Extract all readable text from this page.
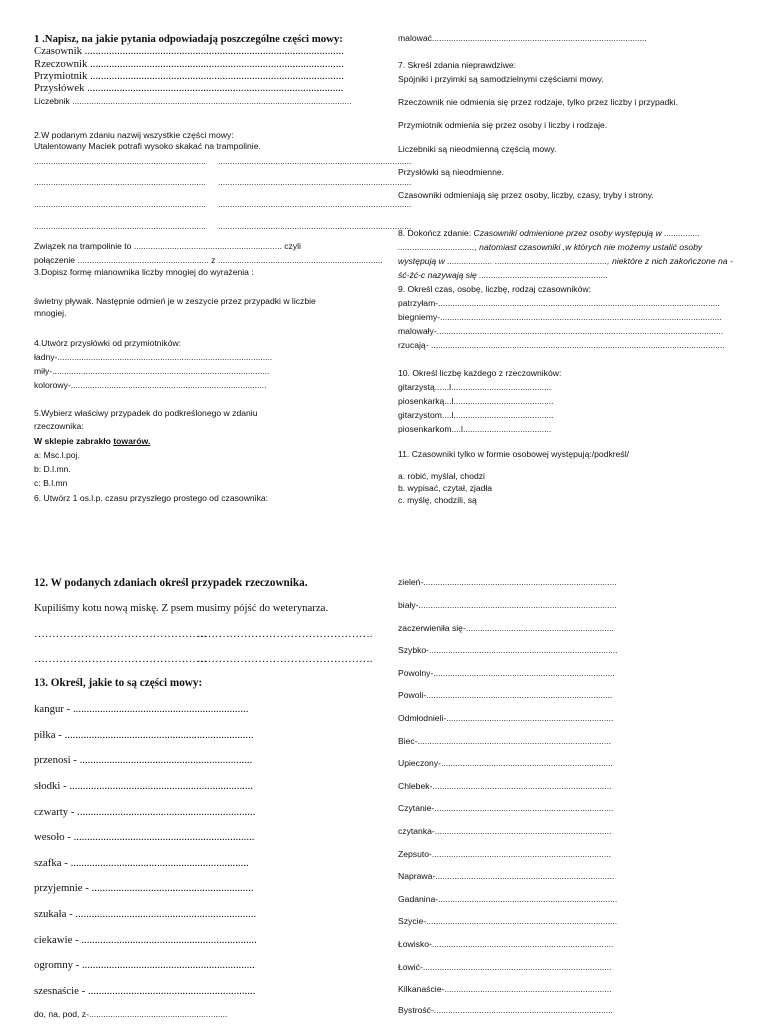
1 .Napisz, na jakie pytania odpowiadają poszczególne części mowy:
Czasownik ................................................................................................
Rzeczownik ..............................................................................................
Przymiotnik ..............................................................................................
Przysłówek ...............................................................................................
Liczebnik .....................................................................................................................
2.W podanym zdaniu nazwij wszystkie części mowy:
Utalentowany Maciek potrafi wysoko skakać na trampolinie.
........................................................................ .................................................................................
........................................................................ .................................................................................
........................................................................ .................................................................................
........................................................................ .................................................................................
Związek na trampolinie to .............................................................. czyli
połączenie ....................................................... z .....................................................................
3.Dopisz formę mianownika liczby mnogiej do wyrażenia :
świetny pływak. Następnie odmień je w zeszycie przez przypadki w liczbie
mnogiej.
4.Utwórz przysłówki od przymiotników:
ładny-..........................................................................................
miły-...........................................................................................
kolorowy-..................................................................................
5.Wybierz właściwy przypadek do podkreślonego w zdaniu
rzeczownika:
W sklepie zabrakło towarów.
a: Msc.l.poj.
b: D.l.mn.
c: B.l.mn
6. Utwórz 1 os.l.p. czasu przyszłego prostego od czasownika:
malować..........................................................................................
7. Skreśl zdania nieprawdziwe:
Spójniki i przyimki są samodzielnymi częściami mowy.
Rzeczownik nie odmienia się przez rodzaje, tylko przez liczby i przypadki.
Przymiotnik odmienia się przez osoby i liczby i rodzaje.
Liczebniki są nieodmienną częścią mowy.
Przysłówki są nieodmienne.
Czasowniki odmieniają się przez osoby, liczby, czasy, tryby i strony.
8. Dokończ zdanie: Czasowniki odmienione przez osoby występują w ...............
................................, natomiast czasowniki ,w których nie możemy ustalić osoby
występują w ................... ..............................................., niektóre z nich zakończone na -
ść-źć-c nazywają się ......................................................
9. Określ czas, osobę, liczbę, rodzaj czasowników:
patrzyłam-......................................................................................................................
biegniemy-......................................................................................................................
malowały-........................................................................................................................
rzucają- ...........................................................................................................................
10. Określ liczbę każdego z rzeczowników:
gitarzystą......l..........................................
piosenkarką...l..........................................
gitarzystom....l..........................................
piosenkarkom....l.....................................
11. Czasowniki tylko w formie osobowej występują:/podkreśl/
a. robić, myślał, chodzi
b. wypisać, czytał, zjadła
c. myślę, chodzili, są
12. W podanych zdaniach określ przypadek rzeczownika.
Kupiliśmy kotu nową miskę. Z psem musimy pójść do weterynarza.
…………………………………………
………………………………………….
…………………………………………
………………………………………….
13. Określ, jakie to są części mowy:
kangur - .................................................................
piłka - ......................................................................
przenosi - ................................................................
słodki - ....................................................................
czwarty - ..................................................................
wesoło - ...................................................................
szafka - ..................................................................
przyjemnie - ............................................................
szukała - ...................................................................
ciekawie - .................................................................
ogromny - ................................................................
szesnaście - ..............................................................
do, na, pod, z-..........................................................
zieleń-.................................................................................
biały-...................................................................................
zaczerwieniła się-..............................................................
Szybko-...............................................................................
Powolny-............................................................................
Powoli-..............................................................................
Odmłodnieli-......................................................................
Biec-.................................................................................
Upieczony-........................................................................
Chlebek-...........................................................................
Czytanie-...........................................................................
czytanka-..........................................................................
Zepsuto-...........................................................................
Naprawa-...........................................................................
Gadanina-...........................................................................
Szycie-................................................................................
Łowisko-............................................................................
Łowić-...............................................................................
Kilkanaście-......................................................................
Bystrość-...........................................................................
